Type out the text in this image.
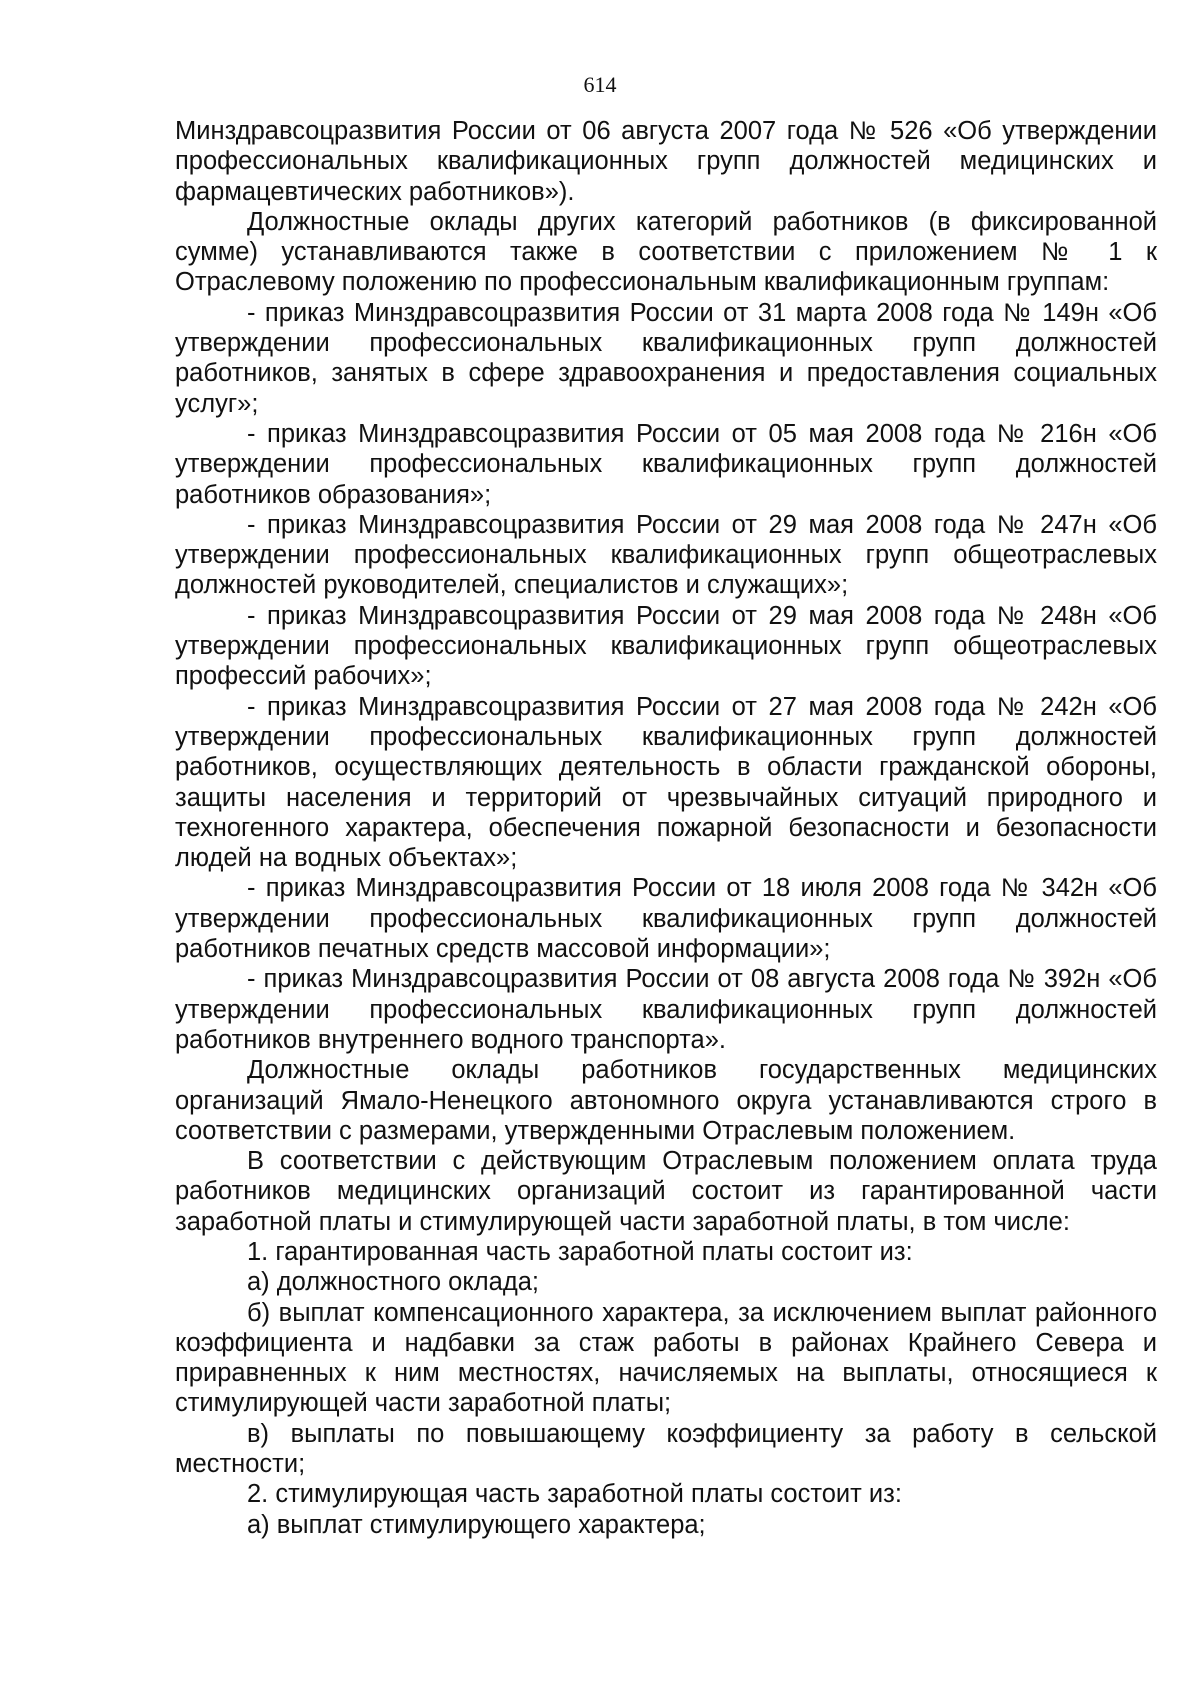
614

Минздравсоцразвития России от 06 августа 2007 года № 526 «Об утверждении профессиональных квалификационных групп должностей медицинских и фармацевтических работников»).

Должностные оклады других категорий работников (в фиксированной сумме) устанавливаются также в соответствии с приложением № 1 к Отраслевому положению по профессиональным квалификационным группам:

- приказ Минздравсоцразвития России от 31 марта 2008 года № 149н «Об утверждении профессиональных квалификационных групп должностей работников, занятых в сфере здравоохранения и предоставления социальных услуг»;

- приказ Минздравсоцразвития России от 05 мая 2008 года № 216н «Об утверждении профессиональных квалификационных групп должностей работников образования»;

- приказ Минздравсоцразвития России от 29 мая 2008 года № 247н «Об утверждении профессиональных квалификационных групп общеотраслевых должностей руководителей, специалистов и служащих»;

- приказ Минздравсоцразвития России от 29 мая 2008 года № 248н «Об утверждении профессиональных квалификационных групп общеотраслевых профессий рабочих»;

- приказ Минздравсоцразвития России от 27 мая 2008 года № 242н «Об утверждении профессиональных квалификационных групп должностей работников, осуществляющих деятельность в области гражданской обороны, защиты населения и территорий от чрезвычайных ситуаций природного и техногенного характера, обеспечения пожарной безопасности и безопасности людей на водных объектах»;

- приказ Минздравсоцразвития России от 18 июля 2008 года № 342н «Об утверждении профессиональных квалификационных групп должностей работников печатных средств массовой информации»;

- приказ Минздравсоцразвития России от 08 августа 2008 года № 392н «Об утверждении профессиональных квалификационных групп должностей работников внутреннего водного транспорта».

Должностные оклады работников государственных медицинских организаций Ямало-Ненецкого автономного округа устанавливаются строго в соответствии с размерами, утвержденными Отраслевым положением.

В соответствии с действующим Отраслевым положением оплата труда работников медицинских организаций состоит из гарантированной части заработной платы и стимулирующей части заработной платы, в том числе:

1. гарантированная часть заработной платы состоит из:

а) должностного оклада;

б) выплат компенсационного характера, за исключением выплат районного коэффициента и надбавки за стаж работы в районах Крайнего Севера и приравненных к ним местностях, начисляемых на выплаты, относящиеся к стимулирующей части заработной платы;

в) выплаты по повышающему коэффициенту за работу в сельской местности;

2. стимулирующая часть заработной платы состоит из:

а) выплат стимулирующего характера;
